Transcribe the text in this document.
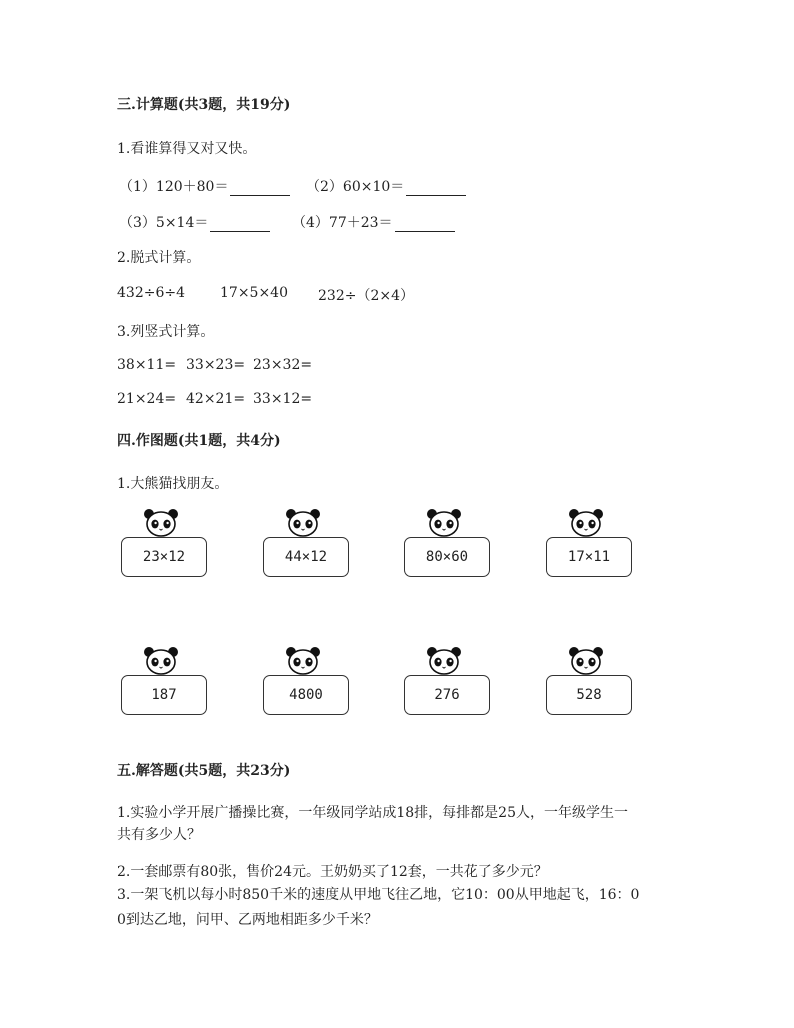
三.计算题(共3题，共19分)
1.看谁算得又对又快。
（1）120＋80＝	（2）60×10＝
（3）5×14＝	（4）77＋23＝
2.脱式计算。
432÷6÷4	17×5×40 232÷（2×4）
3.列竖式计算。
38×11= 33×23= 23×32=
21×24= 42×21= 33×12=
四.作图题(共1题，共4分)
1.大熊猫找朋友。
23×12	44×12	80×60	17×11
187	4800	276	528
五.解答题(共5题，共23分)
1.实验小学开展广播操比赛，一年级同学站成18排，每排都是25人，一年级学生一
共有多少人？
2.一套邮票有80张，售价24元。王奶奶买了12套，一共花了多少元？
3.一架飞机以每小时850千米的速度从甲地飞往乙地，它10：00从甲地起飞，16：0
0到达乙地，问甲、乙两地相距多少千米？
